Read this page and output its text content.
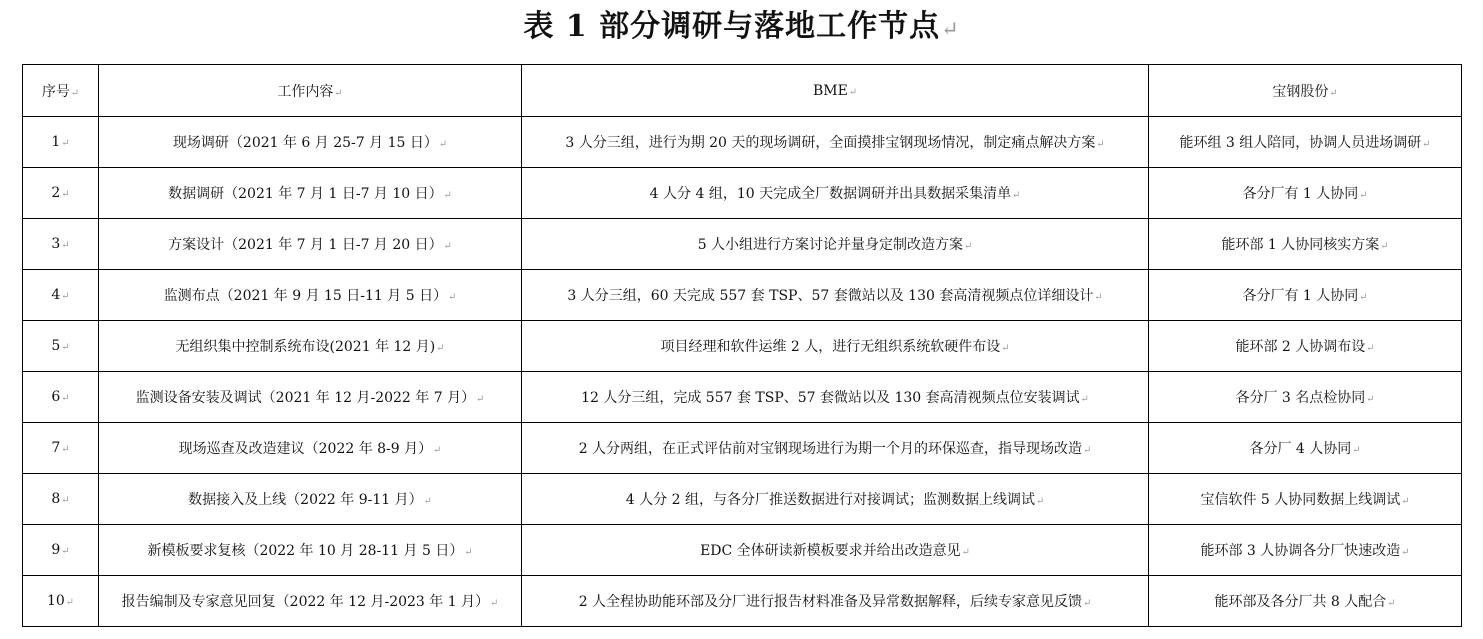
表 1 部分调研与落地工作节点↵
序号↵	工作内容↵	BME↵	宝钢股份↵
1↵	现场调研（2021 年 6 月 25-7 月 15 日）↵	3 人分三组，进行为期 20 天的现场调研，全面摸排宝钢现场情况，制定痛点解决方案↵	能环组 3 组人陪同，协调人员进场调研↵
2↵	数据调研（2021 年 7 月 1 日-7 月 10 日）↵	4 人分 4 组，10 天完成全厂数据调研并出具数据采集清单↵	各分厂有 1 人协同↵
3↵	方案设计（2021 年 7 月 1 日-7 月 20 日）↵	5 人小组进行方案讨论并量身定制改造方案↵	能环部 1 人协同核实方案↵
4↵	监测布点（2021 年 9 月 15 日-11 月 5 日）↵	3 人分三组，60 天完成 557 套 TSP、57 套微站以及 130 套高清视频点位详细设计↵	各分厂有 1 人协同↵
5↵	无组织集中控制系统布设(2021 年 12 月)↵	项目经理和软件运维 2 人，进行无组织系统软硬件布设↵	能环部 2 人协调布设↵
6↵	监测设备安装及调试（2021 年 12 月-2022 年 7 月）↵	12 人分三组，完成 557 套 TSP、57 套微站以及 130 套高清视频点位安装调试↵	各分厂 3 名点检协同↵
7↵	现场巡查及改造建议（2022 年 8-9 月）↵	2 人分两组，在正式评估前对宝钢现场进行为期一个月的环保巡查，指导现场改造↵	各分厂 4 人协同↵
8↵	数据接入及上线（2022 年 9-11 月）↵	4 人分 2 组，与各分厂推送数据进行对接调试；监测数据上线调试↵	宝信软件 5 人协同数据上线调试↵
9↵	新模板要求复核（2022 年 10 月 28-11 月 5 日）↵	EDC 全体研读新模板要求并给出改造意见↵	能环部 3 人协调各分厂快速改造↵
10↵	报告编制及专家意见回复（2022 年 12 月-2023 年 1 月）↵	2 人全程协助能环部及分厂进行报告材料准备及异常数据解释，后续专家意见反馈↵	能环部及各分厂共 8 人配合↵
